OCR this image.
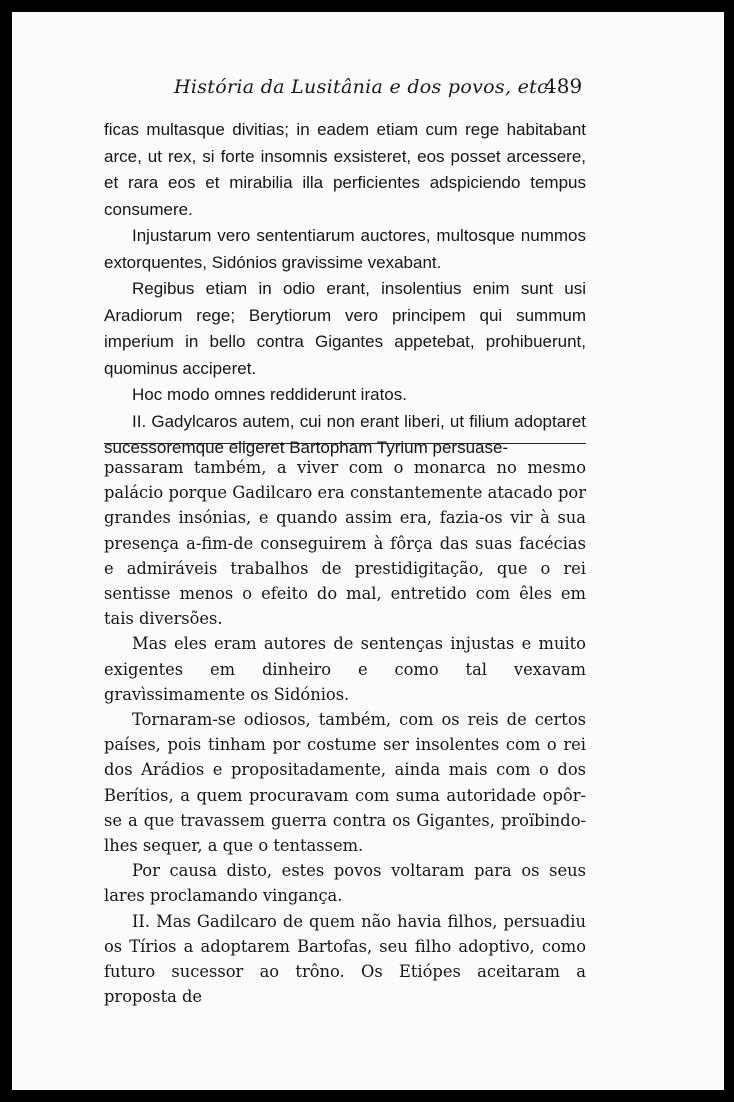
História da Lusitânia e dos povos, etc.
489

ficas multasque divitias; in eadem etiam cum rege habitabant arce, ut rex, si forte insomnis exsisteret, eos posset arcessere, et rara eos et mirabilia illa perficientes adspiciendo tempus consumere.

Injustarum vero sententiarum auctores, multosque nummos extorquentes, Sidónios gravissime vexabant.

Regibus etiam in odio erant, insolentius enim sunt usi Aradiorum rege; Berytiorum vero principem qui summum imperium in bello contra Gigantes appetebat, prohibuerunt, quominus acciperet.

Hoc modo omnes reddiderunt iratos.

II. Gadylcaros autem, cui non erant liberi, ut filium adoptaret sucessoremque eligeret Bartopham Tyrium persuase-

passaram também, a viver com o monarca no mesmo palácio porque Gadilcaro era constantemente atacado por grandes insónias, e quando assim era, fazia-os vir à sua presença a-fim-de conseguirem à fôrça das suas facécias e admiráveis trabalhos de prestidigitação, que o rei sentisse menos o efeito do mal, entretido com êles em tais diversões.

Mas eles eram autores de sentenças injustas e muito exigentes em dinheiro e como tal vexavam gravìssimamente os Sidónios.

Tornaram-se odiosos, também, com os reis de certos países, pois tinham por costume ser insolentes com o rei dos Arádios e propositadamente, ainda mais com o dos Berítios, a quem procuravam com suma autoridade opôr-se a que travassem guerra contra os Gigantes, proïbindo-lhes sequer, a que o tentassem.

Por causa disto, estes povos voltaram para os seus lares proclamando vingança.

II. Mas Gadilcaro de quem não havia filhos, persuadiu os Tírios a adoptarem Bartofas, seu filho adoptivo, como futuro sucessor ao trôno. Os Etiópes aceitaram a proposta de
